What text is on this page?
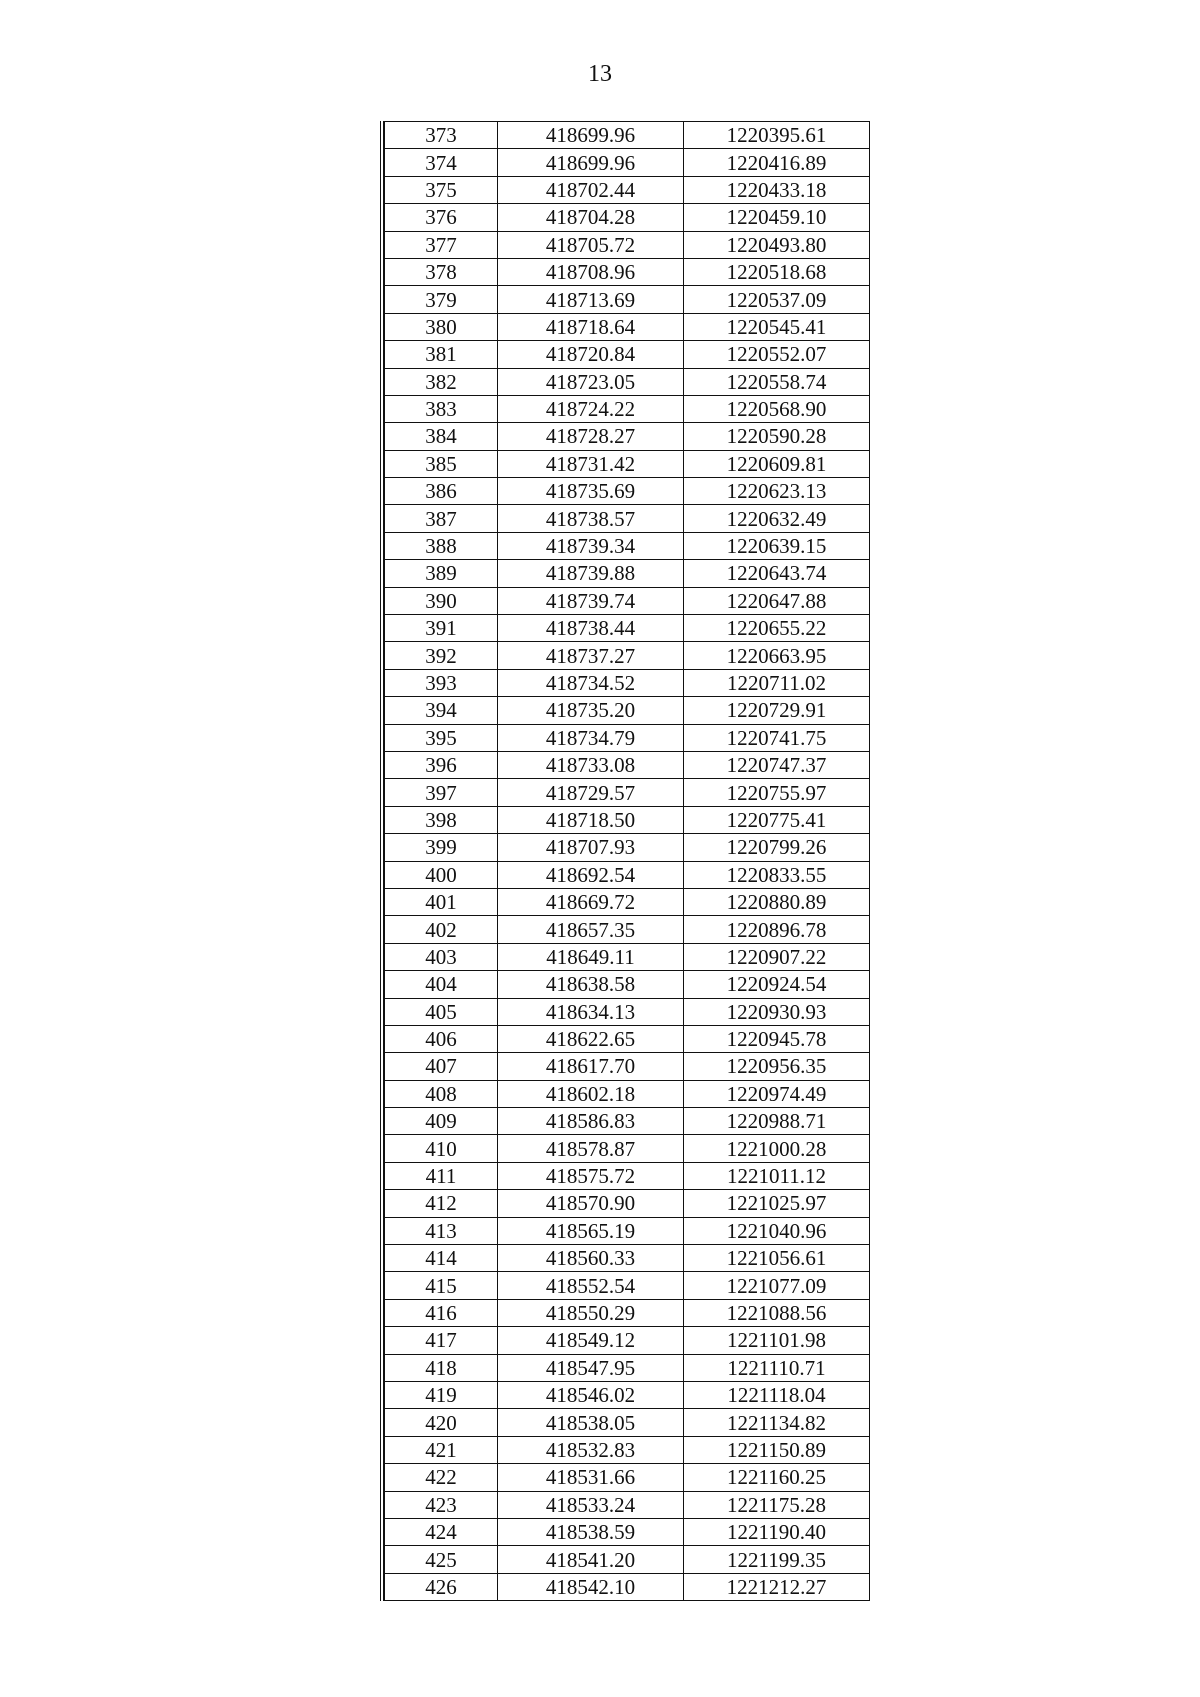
13
373	418699.96	1220395.61
374	418699.96	1220416.89
375	418702.44	1220433.18
376	418704.28	1220459.10
377	418705.72	1220493.80
378	418708.96	1220518.68
379	418713.69	1220537.09
380	418718.64	1220545.41
381	418720.84	1220552.07
382	418723.05	1220558.74
383	418724.22	1220568.90
384	418728.27	1220590.28
385	418731.42	1220609.81
386	418735.69	1220623.13
387	418738.57	1220632.49
388	418739.34	1220639.15
389	418739.88	1220643.74
390	418739.74	1220647.88
391	418738.44	1220655.22
392	418737.27	1220663.95
393	418734.52	1220711.02
394	418735.20	1220729.91
395	418734.79	1220741.75
396	418733.08	1220747.37
397	418729.57	1220755.97
398	418718.50	1220775.41
399	418707.93	1220799.26
400	418692.54	1220833.55
401	418669.72	1220880.89
402	418657.35	1220896.78
403	418649.11	1220907.22
404	418638.58	1220924.54
405	418634.13	1220930.93
406	418622.65	1220945.78
407	418617.70	1220956.35
408	418602.18	1220974.49
409	418586.83	1220988.71
410	418578.87	1221000.28
411	418575.72	1221011.12
412	418570.90	1221025.97
413	418565.19	1221040.96
414	418560.33	1221056.61
415	418552.54	1221077.09
416	418550.29	1221088.56
417	418549.12	1221101.98
418	418547.95	1221110.71
419	418546.02	1221118.04
420	418538.05	1221134.82
421	418532.83	1221150.89
422	418531.66	1221160.25
423	418533.24	1221175.28
424	418538.59	1221190.40
425	418541.20	1221199.35
426	418542.10	1221212.27
